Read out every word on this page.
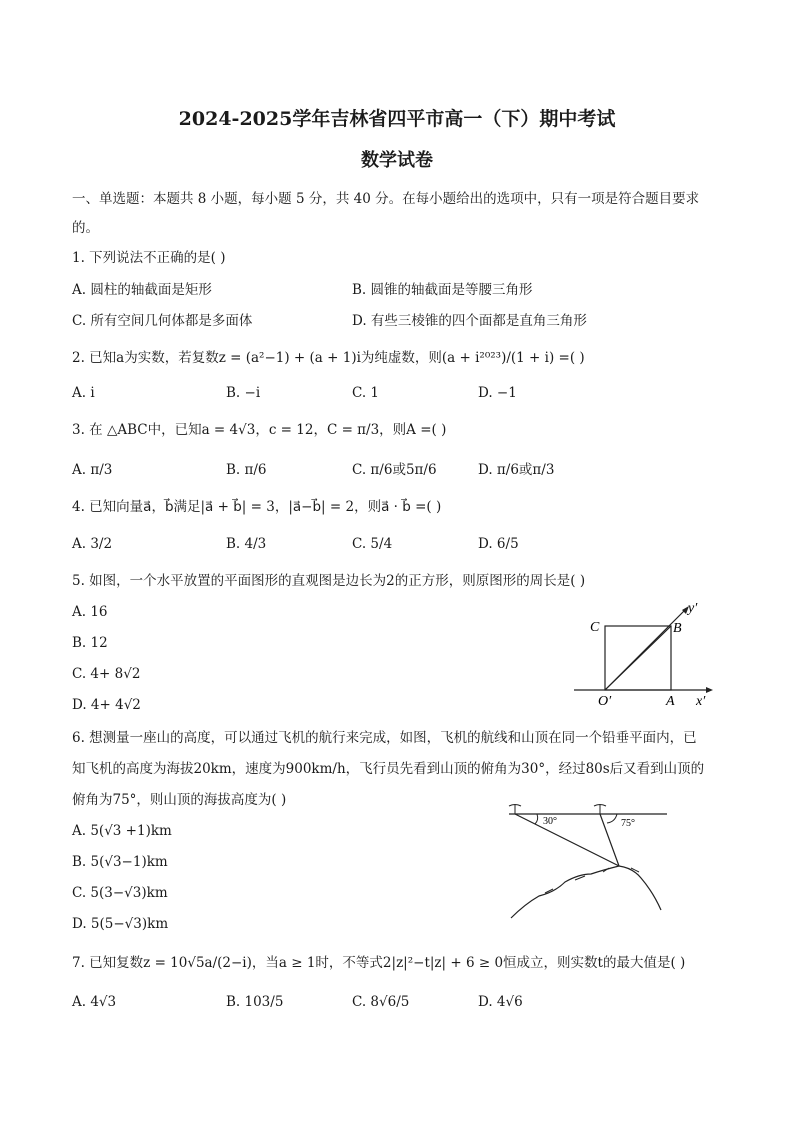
2024-2025学年吉林省四平市高一（下）期中考试
数学试卷
一、单选题：本题共 8 小题，每小题 5 分，共 40 分。在每小题给出的选项中，只有一项是符合题目要求
的。
1. 下列说法不正确的是( )
A. 圆柱的轴截面是矩形	B. 圆锥的轴截面是等腰三角形
C. 所有空间几何体都是多面体	D. 有些三棱锥的四个面都是直角三角形
2. 已知a为实数，若复数z = (a²−1) + (a + 1)i为纯虚数，则(a + i²⁰²³)/(1 + i) =( )
A. i	B. −i	C. 1	D. −1
3. 在 △ABC中，已知a = 4√3，c = 12，C = π/3，则A =( )
A. π/3	B. π/6	C. π/6或5π/6	D. π/6或π/3
4. 已知向量a⃗，b⃗满足|a⃗ + b⃗| = 3，|a⃗−b⃗| = 2，则a⃗ · b⃗ =( )
A. 3/2	B. 4/3	C. 5/4	D. 6/5
5. 如图，一个水平放置的平面图形的直观图是边长为2的正方形，则原图形的周长是( )
A. 16
B. 12
C. 4+ 8√2
D. 4+ 4√2
C	B
O′	A x′
y′
6. 想测量一座山的高度，可以通过飞机的航行来完成，如图，飞机的航线和山顶在同一个铅垂平面内，已
知飞机的高度为海拔20km，速度为900km/h，飞行员先看到山顶的俯角为30°，经过80s后又看到山顶的
俯角为75°，则山顶的海拔高度为( )
A. 5(√3 +1)km
B. 5(√3−1)km
C. 5(3−√3)km
D. 5(5−√3)km
30°	75°
7. 已知复数z = 10√5a/(2−i)，当a ≥ 1时，不等式2|z|²−t|z| + 6 ≥ 0恒成立，则实数t的最大值是( )
A. 4√3	B. 103/5	C. 8√6/5	D. 4√6
